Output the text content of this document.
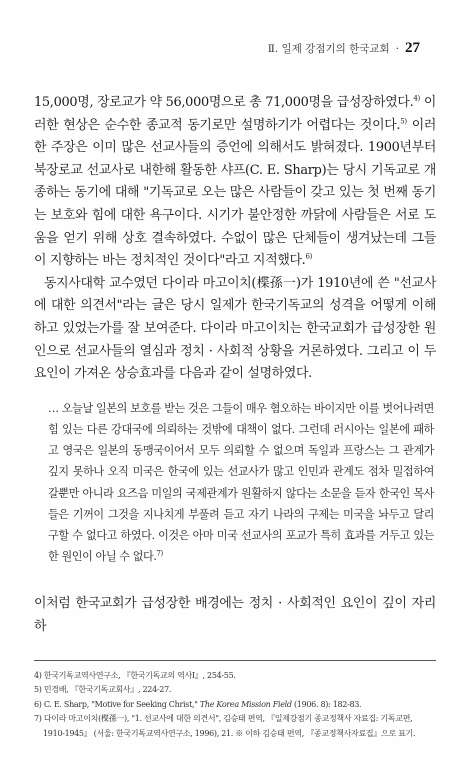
Ⅱ. 일제 강점기의 한국교회 · 27

15,000명, 장로교가 약 56,000명으로 총 71,000명을 급성장하였다.$^{4)}$ 이러한 현상은 순수한 종교적 동기로만 설명하기가 어렵다는 것이다.$^{5)}$ 이러한 주장은 이미 많은 선교사들의 증언에 의해서도 밝혀졌다. 1900년부터 북장로교 선교사로 내한해 활동한 샤프(C. E. Sharp)는 당시 기독교로 개종하는 동기에 대해 "기독교로 오는 많은 사람들이 갖고 있는 첫 번째 동기는 보호와 힘에 대한 욕구이다. 시기가 불안정한 까닭에 사람들은 서로 도움을 얻기 위해 상호 결속하였다. 수없이 많은 단체들이 생겨났는데 그들이 지향하는 바는 정치적인 것이다"라고 지적했다.$^{6)}$

동지사대학 교수였던 다이라 마고이치(楪孫一)가 1910년에 쓴 "선교사에 대한 의견서"라는 글은 당시 일제가 한국기독교의 성격을 어떻게 이해하고 있었는가를 잘 보여준다. 다이라 마고이치는 한국교회가 급성장한 원인으로 선교사들의 열심과 정치 · 사회적 상황을 거론하였다. 그리고 이 두 요인이 가져온 상승효과를 다음과 같이 설명하였다.

… 오늘날 일본의 보호를 받는 것은 그들이 매우 혐오하는 바이지만 이를 벗어나려면 힘 있는 다른 강대국에 의뢰하는 것밖에 대책이 없다. 그런데 러시아는 일본에 패하고 영국은 일본의 동맹국이어서 모두 의뢰할 수 없으며 독일과 프랑스는 그 관계가 깊지 못하나 오직 미국은 한국에 있는 선교사가 많고 인민과 관계도 점차 밀접하여 갈뿐만 아니라 요즈음 미일의 국제관계가 원활하지 않다는 소문을 듣자 한국인 목사들은 기꺼이 그것을 지나치게 부풀려 듣고 자기 나라의 구제는 미국을 놔두고 달리 구할 수 없다고 하였다. 이것은 아마 미국 선교사의 포교가 특히 효과를 거두고 있는 한 원인이 아닐 수 없다.$^{7)}$

이처럼 한국교회가 급성장한 배경에는 정치 · 사회적인 요인이 깊이 자리하

4) 한국기독교역사연구소, 『한국기독교의 역사Ⅰ』, 254-55.

5) 민경배, 『한국기독교회사』, 224-27.

6) C. E. Sharp, "Motive for Seeking Christ," The Korea Mission Field (1906. 8): 182-83.

7) 다이라 마고이치(楪孫一), "1. 선교사에 대한 의견서", 김승태 편역, 『일제강점기 종교정책사 자료집: 기독교편,

1910-1945』 (서울: 한국기독교역사연구소, 1996), 21. ※ 이하 김승태 편역, 『종교정책사자료집』으로 표기.
